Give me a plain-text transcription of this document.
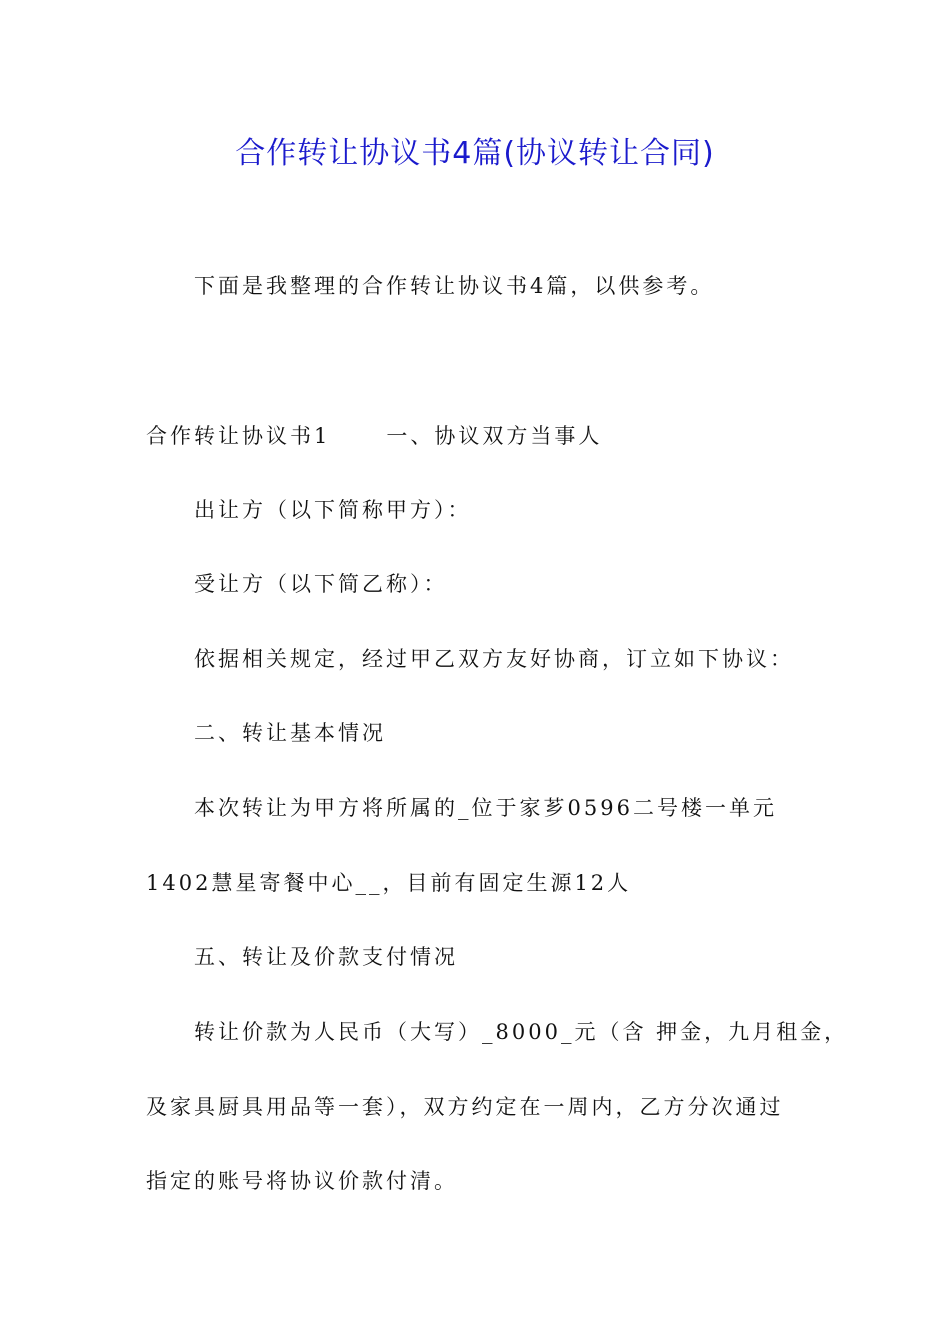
合作转让协议书4篇(协议转让合同)
下面是我整理的合作转让协议书4篇，以供参考。
合作转让协议书1	一、协议双方当事人
出让方（以下简称甲方）：
受让方（以下简乙称）：
依据相关规定，经过甲乙双方友好协商，订立如下协议：
二、转让基本情况
本次转让为甲方将所属的_位于家芗0596二号楼一单元
1402慧星寄餐中心__，目前有固定生源12人
五、转让及价款支付情况
转让价款为人民币（大写）_8000_元（含 押金，九月租金，
及家具厨具用品等一套），双方约定在一周内，乙方分次通过
指定的账号将协议价款付清。
